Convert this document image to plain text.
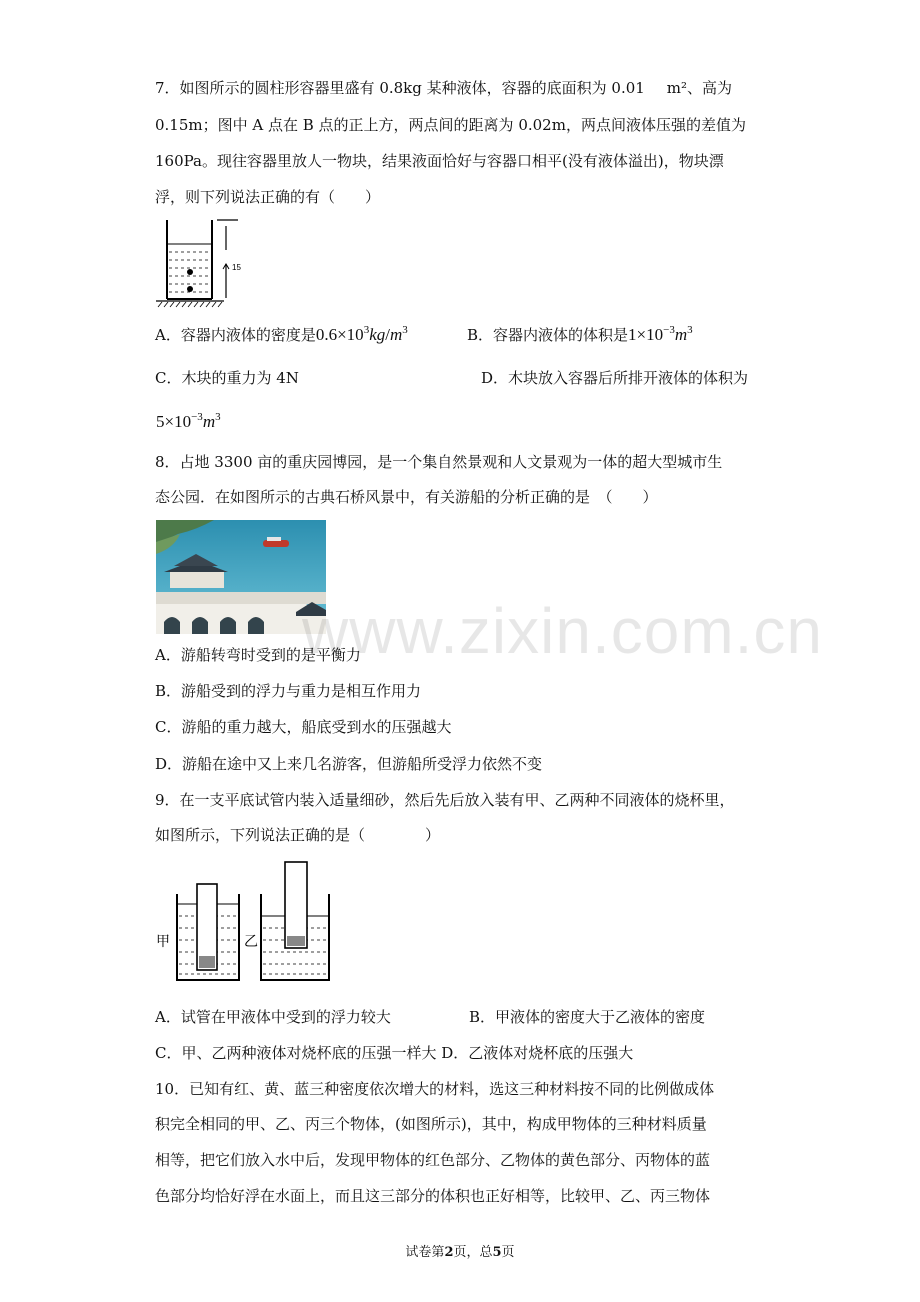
7．如图所示的圆柱形容器里盛有 0.8kg 某种液体，容器的底面积为 0.01 m²、高为
0.15m；图中 A 点在 B 点的正上方，两点间的距离为 0.02m，两点间液体压强的差值为
160Pa。现往容器里放人一物块，结果液面恰好与容器口相平(没有液体溢出)，物块漂
浮，则下列说法正确的有（　　）
15
A．容器内液体的密度是$0.6\times 10^3kg/m^3$	B．容器内液体的体积是$1\times 10^{-3}m^3$
C．木块的重力为 4N	D．木块放入容器后所排开液体的体积为
$5\times 10^{-3}m^3$
8．占地 3300 亩的重庆园博园，是一个集自然景观和人文景观为一体的超大型城市生
态公园．在如图所示的古典石桥风景中，有关游船的分析正确的是　（　　）
A．游船转弯时受到的是平衡力
B．游船受到的浮力与重力是相互作用力
C．游船的重力越大，船底受到水的压强越大
D．游船在途中又上来几名游客，但游船所受浮力依然不变
9．在一支平底试管内装入适量细砂，然后先后放入装有甲、乙两种不同液体的烧杯里，
如图所示，下列说法正确的是（　　　　）
甲	乙
A．试管在甲液体中受到的浮力较大	B．甲液体的密度大于乙液体的密度
C．甲、乙两种液体对烧杯底的压强一样大 D．乙液体对烧杯底的压强大
10．已知有红、黄、蓝三种密度依次增大的材料，选这三种材料按不同的比例做成体
积完全相同的甲、乙、丙三个物体，(如图所示)，其中，构成甲物体的三种材料质量
相等，把它们放入水中后，发现甲物体的红色部分、乙物体的黄色部分、丙物体的蓝
色部分均恰好浮在水面上，而且这三部分的体积也正好相等，比较甲、乙、丙三物体
www.zixin.com.cn
试卷第2页，总5页
